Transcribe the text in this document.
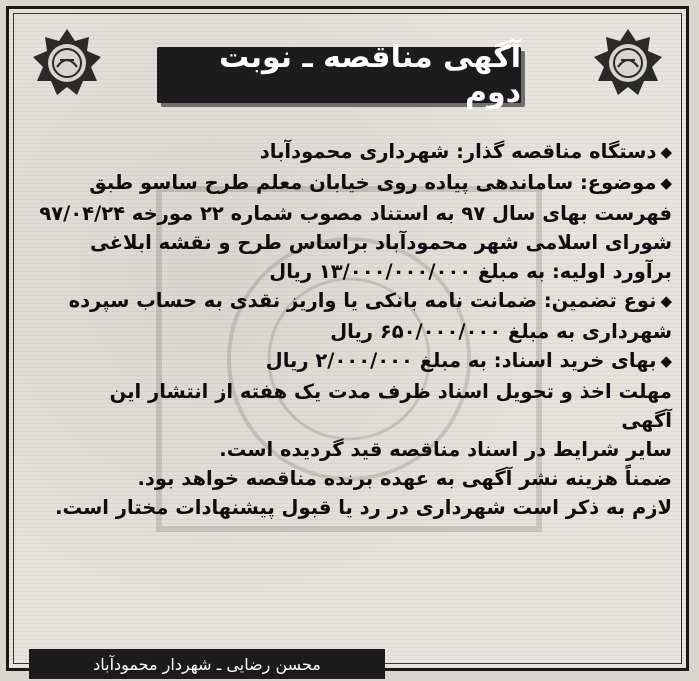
آگهی مناقصه ـ نوبت دوم
◆دستگاه مناقصه گذار: شهرداری محمودآباد
◆موضوع: ساماندهی پیاده روی خیابان معلم طرح ساسو طبق
فهرست بهای سال ۹۷ به استناد مصوب شماره ۲۲ مورخه ۹۷/۰۴/۲۴
شورای اسلامی شهر محمودآباد براساس طرح و نقشه ابلاغی
برآورد اولیه: به مبلغ ۱۳/۰۰۰/۰۰۰/۰۰۰ ریال
◆نوع تضمین: ضمانت نامه بانکی یا واریز نقدی به حساب سپرده
شهرداری به مبلغ ۶۵۰/۰۰۰/۰۰۰ ریال
◆بهای خرید اسناد: به مبلغ ۲/۰۰۰/۰۰۰ ریال
مهلت اخذ و تحویل اسناد ظرف مدت یک هفته از انتشار این
آگهی
سایر شرایط در اسناد مناقصه قید گردیده است.
ضمناً هزینه نشر آگهی به عهده برنده مناقصه خواهد بود.
لازم به ذکر است شهرداری در رد یا قبول پیشنهادات مختار است.
محسن رضایی ـ شهردار محمودآباد
